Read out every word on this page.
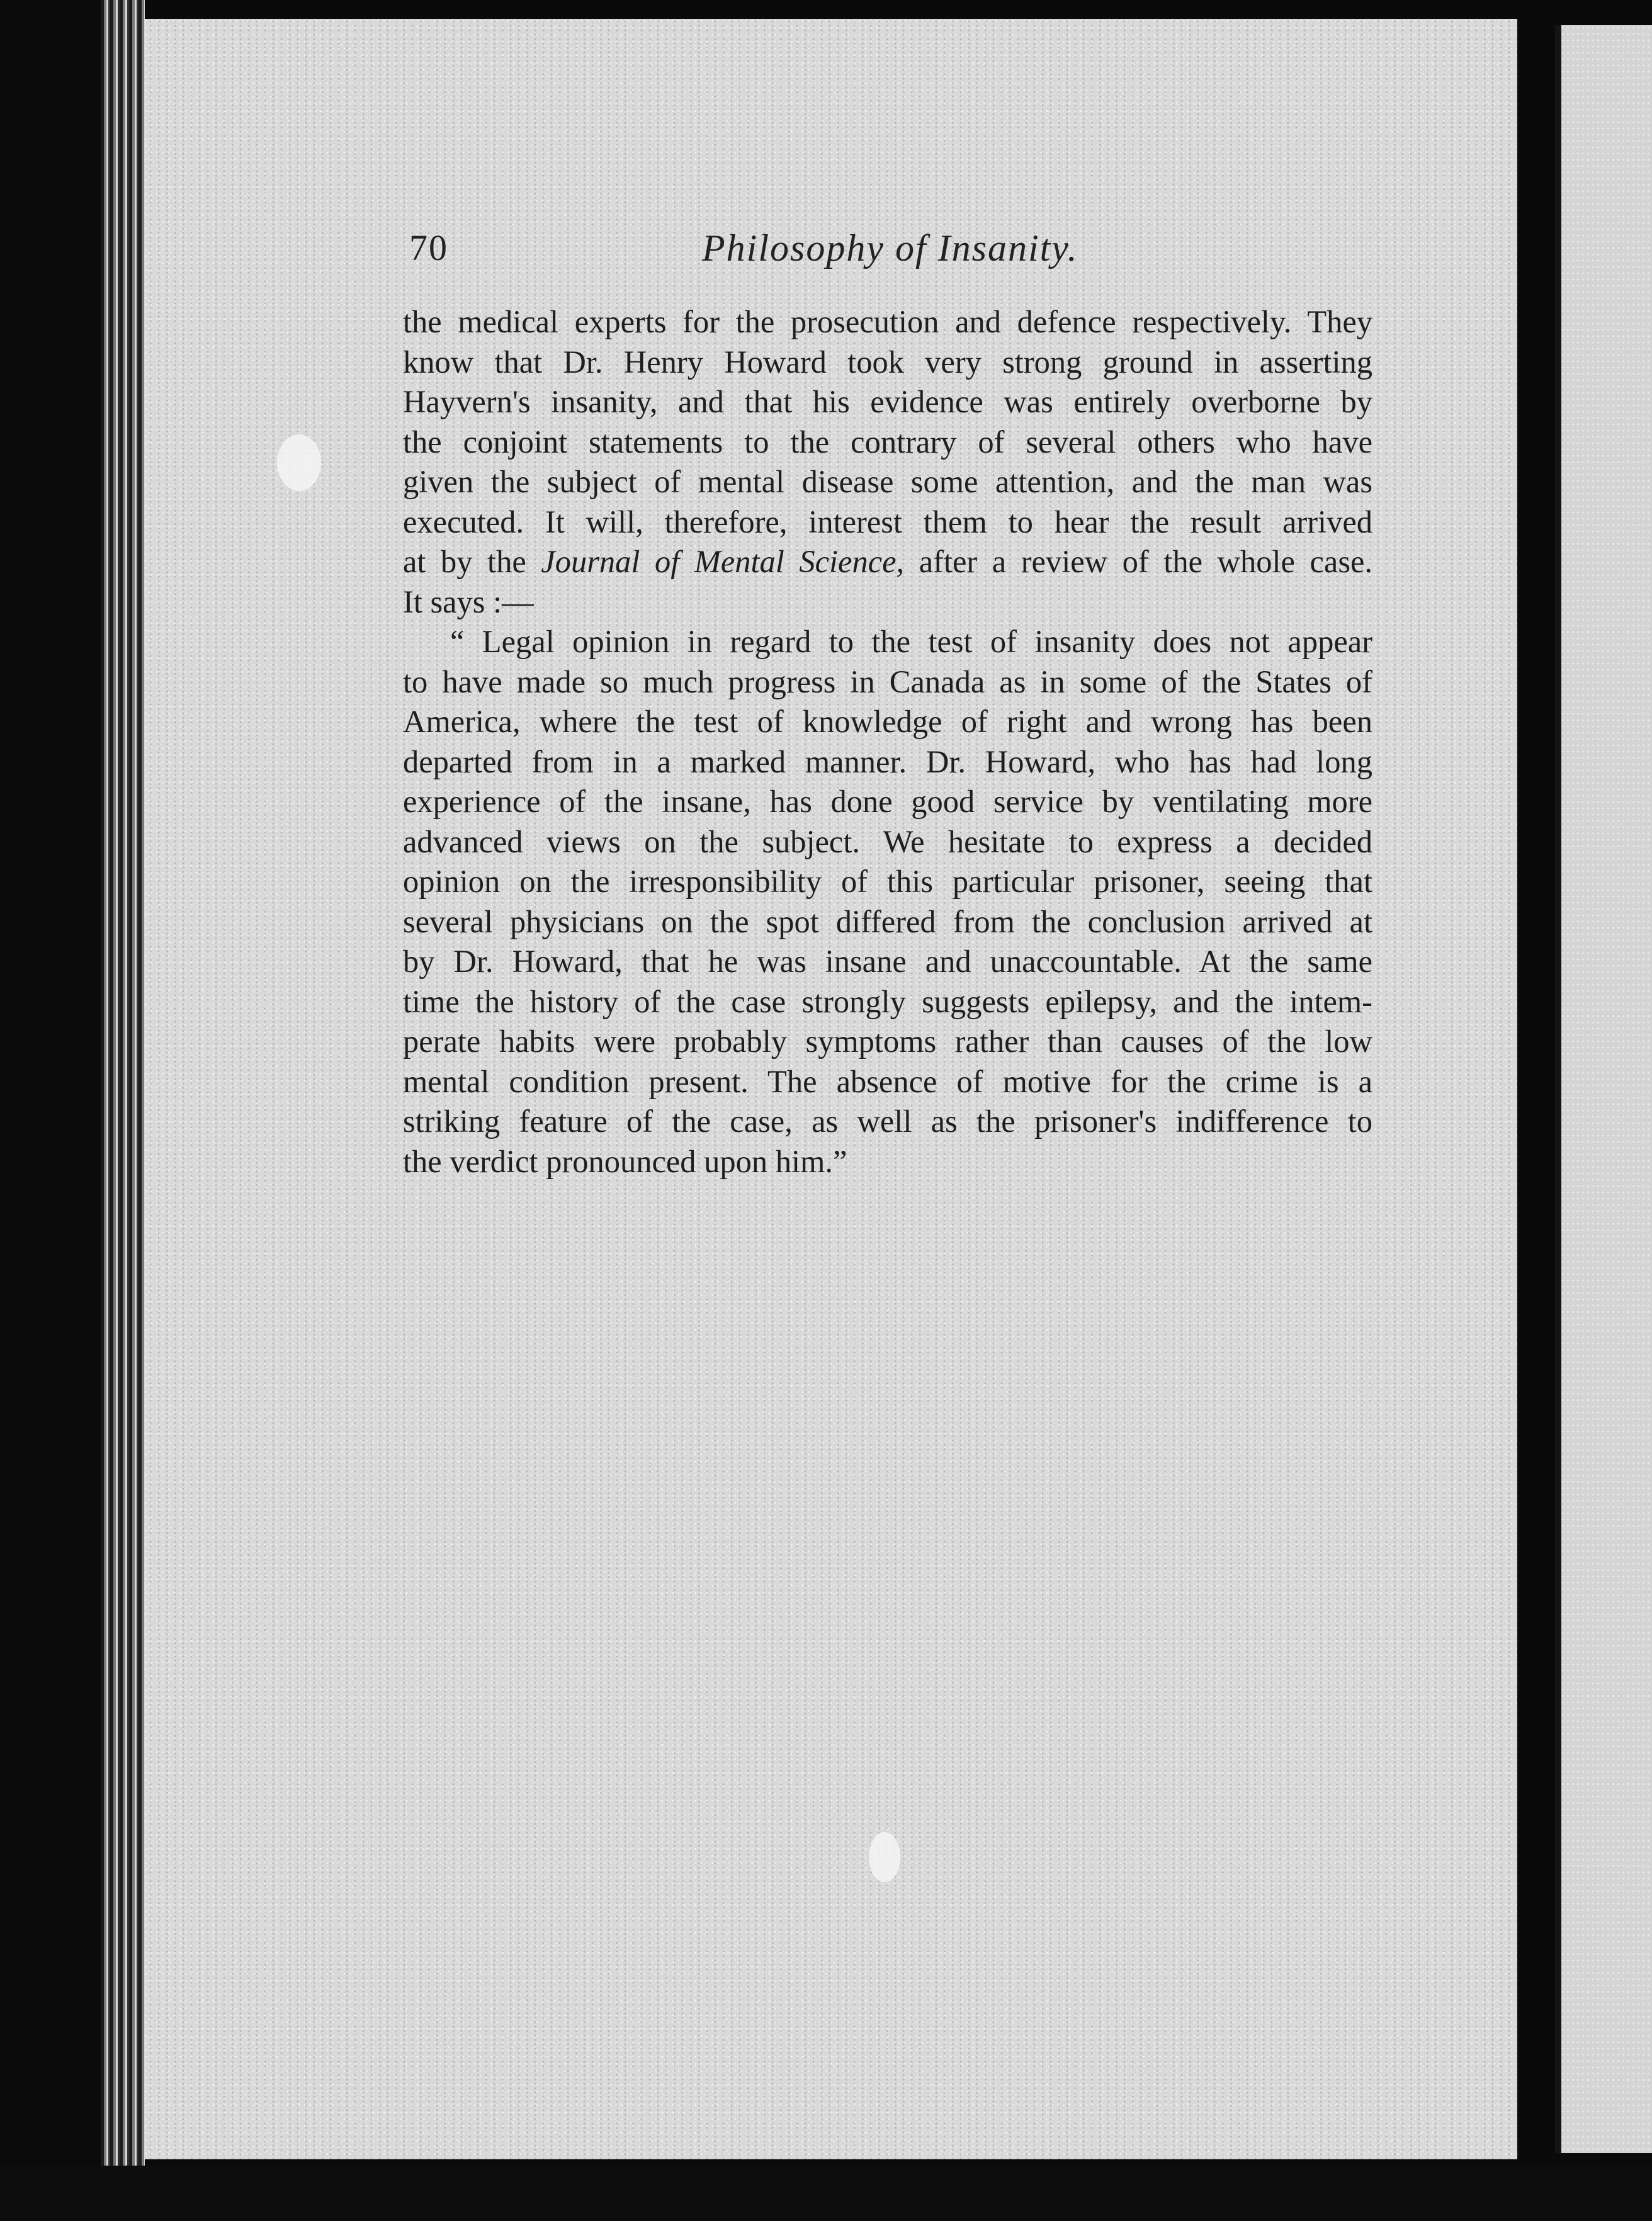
70	Philosophy of Insanity.
the medical experts for the prosecution and defence respectively. They
know that Dr. Henry Howard took very strong ground in asserting
Hayvern's insanity, and that his evidence was entirely overborne by
the conjoint statements to the contrary of several others who have
given the subject of mental disease some attention, and the man was
executed. It will, therefore, interest them to hear the result arrived
at by the Journal of Mental Science, after a review of the whole case.
It says :—
“ Legal opinion in regard to the test of insanity does not appear
to have made so much progress in Canada as in some of the States of
America, where the test of knowledge of right and wrong has been
departed from in a marked manner. Dr. Howard, who has had long
experience of the insane, has done good service by ventilating more
advanced views on the subject. We hesitate to express a decided
opinion on the irresponsibility of this particular prisoner, seeing that
several physicians on the spot differed from the conclusion arrived at
by Dr. Howard, that he was insane and unaccountable. At the same
time the history of the case strongly suggests epilepsy, and the intem-
perate habits were probably symptoms rather than causes of the low
mental condition present. The absence of motive for the crime is a
striking feature of the case, as well as the prisoner's indifference to
the verdict pronounced upon him.”
